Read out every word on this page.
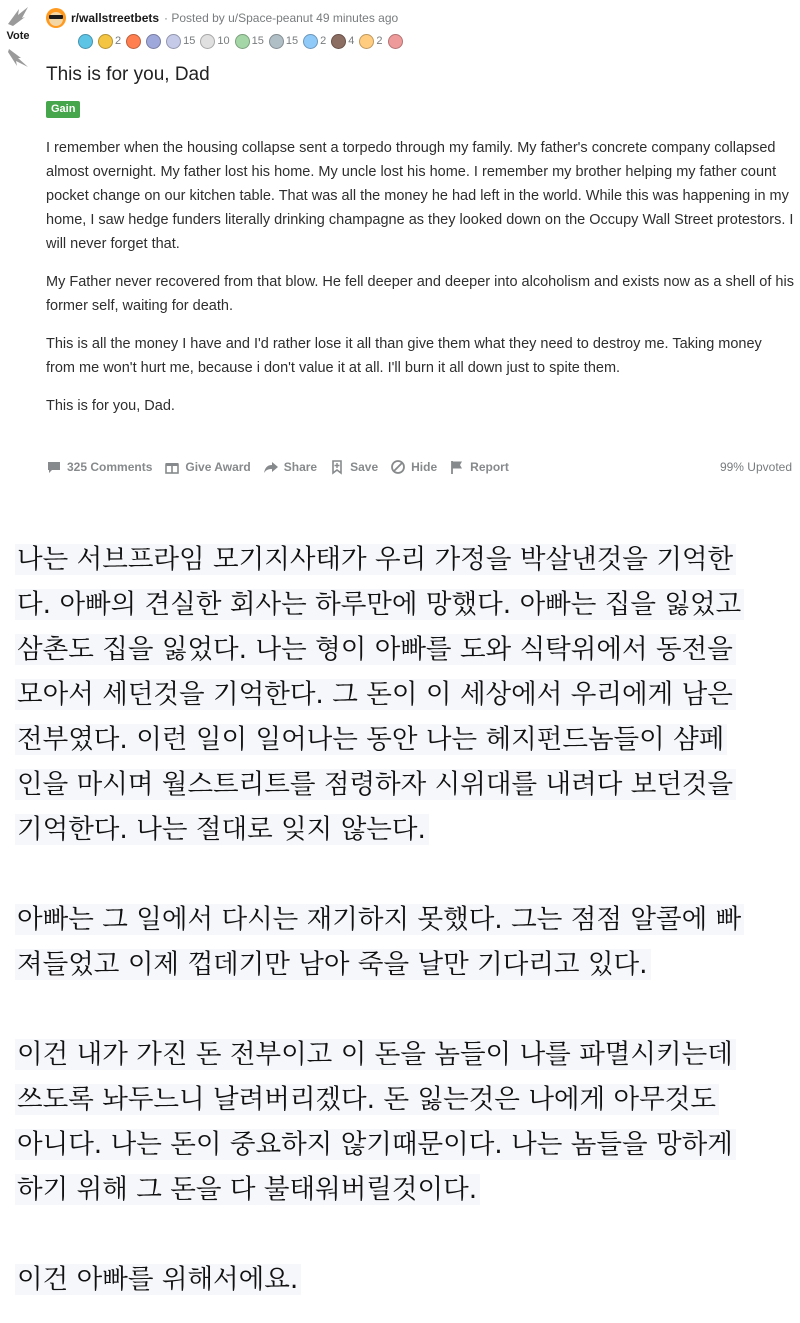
Vote
r/wallstreetbets · Posted by u/Space-peanut 49 minutes ago
2	15 10 15 15 2 4 2
This is for you, Dad
Gain

I remember when the housing collapse sent a torpedo through my family. My father's concrete company collapsed almost overnight. My father lost his home. My uncle lost his home. I remember my brother helping my father count pocket change on our kitchen table. That was all the money he had left in the world. While this was happening in my home, I saw hedge funders literally drinking champagne as they looked down on the Occupy Wall Street protestors. I will never forget that.

My Father never recovered from that blow. He fell deeper and deeper into alcoholism and exists now as a shell of his former self, waiting for death.

This is all the money I have and I'd rather lose it all than give them what they need to destroy me. Taking money from me won't hurt me, because i don't value it at all. I'll burn it all down just to spite them.

This is for you, Dad.

325 Comments	Give Award	Share	Save	Hide	Report	99% Upvoted
나는 서브프라임 모기지사태가 우리 가정을 박살낸것을 기억한
다. 아빠의 견실한 회사는 하루만에 망했다. 아빠는 집을 잃었고
삼촌도 집을 잃었다. 나는 형이 아빠를 도와 식탁위에서 동전을
모아서 세던것을 기억한다. 그 돈이 이 세상에서 우리에게 남은
전부였다. 이런 일이 일어나는 동안 나는 헤지펀드놈들이 샴페
인을 마시며 월스트리트를 점령하자 시위대를 내려다 보던것을
기억한다. 나는 절대로 잊지 않는다.
아빠는 그 일에서 다시는 재기하지 못했다. 그는 점점 알콜에 빠
져들었고 이제 껍데기만 남아 죽을 날만 기다리고 있다.
이건 내가 가진 돈 전부이고 이 돈을 놈들이 나를 파멸시키는데
쓰도록 놔두느니 날려버리겠다. 돈 잃는것은 나에게 아무것도
아니다. 나는 돈이 중요하지 않기때문이다. 나는 놈들을 망하게
하기 위해 그 돈을 다 불태워버릴것이다.
이건 아빠를 위해서에요.
